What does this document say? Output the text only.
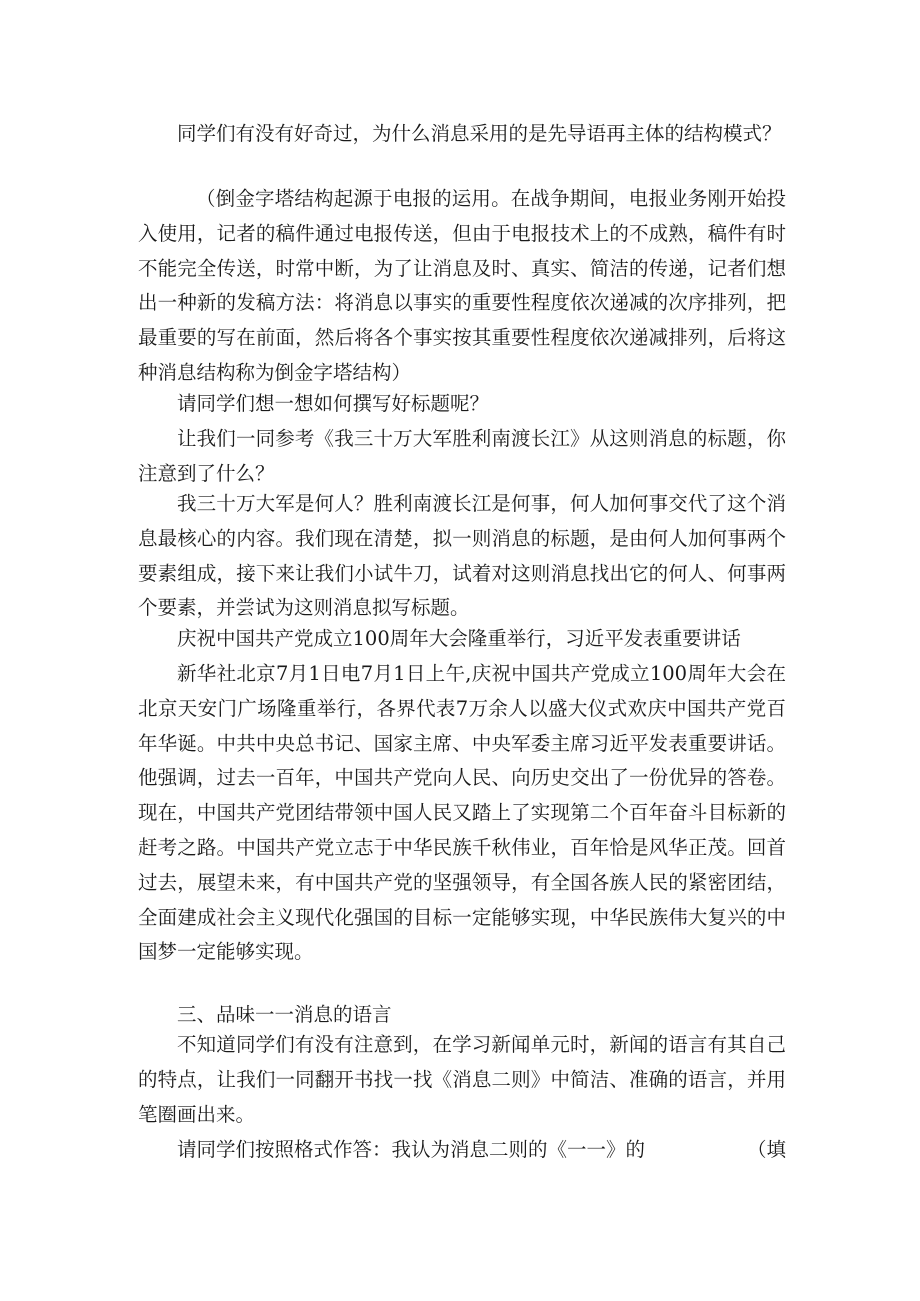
同学们有没有好奇过，为什么消息采用的是先导语再主体的结构模式？

（倒金字塔结构起源于电报的运用。在战争期间，电报业务刚开始投入使用，记者的稿件通过电报传送，但由于电报技术上的不成熟，稿件有时不能完全传送，时常中断，为了让消息及时、真实、简洁的传递，记者们想出一种新的发稿方法：将消息以事实的重要性程度依次递减的次序排列，把最重要的写在前面，然后将各个事实按其重要性程度依次递减排列，后将这种消息结构称为倒金字塔结构）

请同学们想一想如何撰写好标题呢？

让我们一同参考《我三十万大军胜利南渡长江》从这则消息的标题，你注意到了什么？

我三十万大军是何人？胜利南渡长江是何事，何人加何事交代了这个消息最核心的内容。我们现在清楚，拟一则消息的标题，是由何人加何事两个要素组成，接下来让我们小试牛刀，试着对这则消息找出它的何人、何事两个要素，并尝试为这则消息拟写标题。

庆祝中国共产党成立100周年大会隆重举行，习近平发表重要讲话

新华社北京7月1日电7月1日上午,庆祝中国共产党成立100周年大会在北京天安门广场隆重举行，各界代表7万余人以盛大仪式欢庆中国共产党百年华诞。中共中央总书记、国家主席、中央军委主席习近平发表重要讲话。他强调，过去一百年，中国共产党向人民、向历史交出了一份优异的答卷。现在，中国共产党团结带领中国人民又踏上了实现第二个百年奋斗目标新的赶考之路。中国共产党立志于中华民族千秋伟业，百年恰是风华正茂。回首过去，展望未来，有中国共产党的坚强领导，有全国各族人民的紧密团结，全面建成社会主义现代化强国的目标一定能够实现，中华民族伟大复兴的中国梦一定能够实现。

三、品味一一消息的语言

不知道同学们有没有注意到，在学习新闻单元时，新闻的语言有其自己的特点，让我们一同翻开书找一找《消息二则》中简洁、准确的语言，并用笔圈画出来。

请同学们按照格式作答：我认为消息二则的《一一》的	（填
